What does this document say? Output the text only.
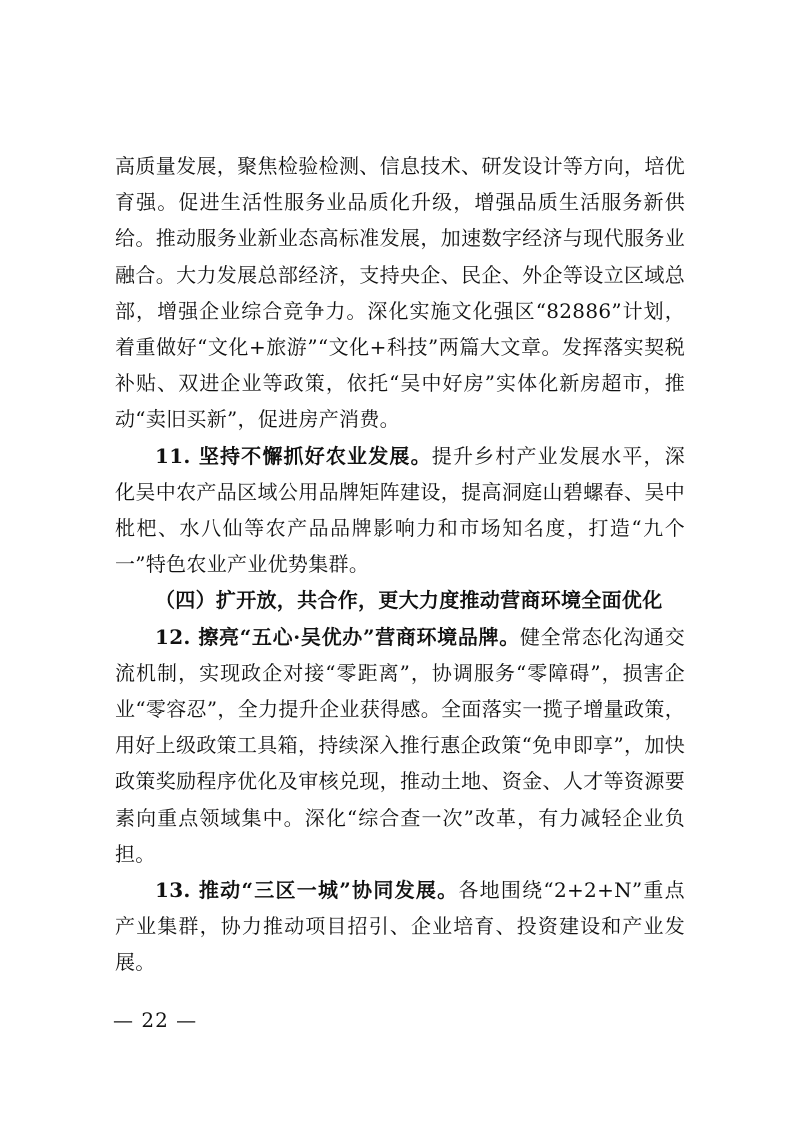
高质量发展，聚焦检验检测、信息技术、研发设计等方向，培优育强。促进生活性服务业品质化升级，增强品质生活服务新供给。推动服务业新业态高标准发展，加速数字经济与现代服务业融合。大力发展总部经济，支持央企、民企、外企等设立区域总部，增强企业综合竞争力。深化实施文化强区“82886”计划，着重做好“文化+旅游”“文化+科技”两篇大文章。发挥落实契税补贴、双进企业等政策，依托“吴中好房”实体化新房超市，推动“卖旧买新”，促进房产消费。

11. 坚持不懈抓好农业发展。提升乡村产业发展水平，深化吴中农产品区域公用品牌矩阵建设，提高洞庭山碧螺春、吴中枇杷、水八仙等农产品品牌影响力和市场知名度，打造“九个一”特色农业产业优势集群。

（四）扩开放，共合作，更大力度推动营商环境全面优化

12. 擦亮“五心·吴优办”营商环境品牌。健全常态化沟通交流机制，实现政企对接“零距离”，协调服务“零障碍”，损害企业“零容忍”，全力提升企业获得感。全面落实一揽子增量政策，用好上级政策工具箱，持续深入推行惠企政策“免申即享”，加快政策奖励程序优化及审核兑现，推动土地、资金、人才等资源要素向重点领域集中。深化“综合查一次”改革，有力减轻企业负担。

13. 推动“三区一城”协同发展。各地围绕“2+2+N”重点产业集群，协力推动项目招引、企业培育、投资建设和产业发展。

— 22 —
